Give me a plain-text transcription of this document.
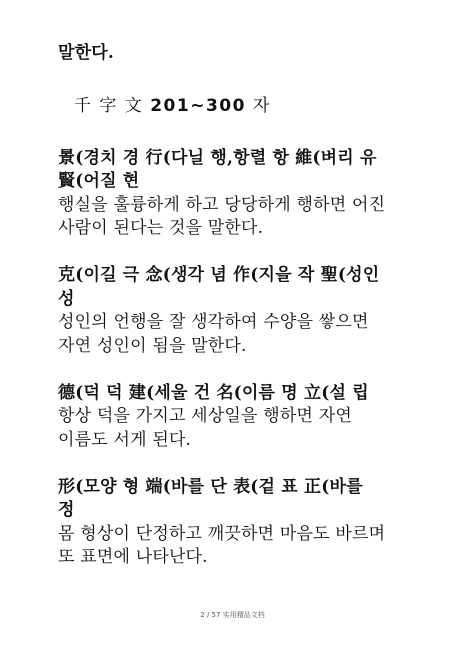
말한다.
千 字 文 201~300 자
景(경치 경 行(다닐 행,항렬 항 維(벼리 유
賢(어질 현
행실을 훌륭하게 하고 당당하게 행하면 어진
사람이 된다는 것을 말한다.
克(이길 극 念(생각 념 作(지을 작 聖(성인
성
성인의 언행을 잘 생각하여 수양을 쌓으면
자연 성인이 됨을 말한다.
德(덕 덕 建(세울 건 名(이름 명 立(설 립
항상 덕을 가지고 세상일을 행하면 자연
이름도 서게 된다.
形(모양 형 端(바를 단 表(겉 표 正(바를
정
몸 형상이 단정하고 깨끗하면 마음도 바르며
또 표면에 나타난다.
2 / 57 实用精品文档
